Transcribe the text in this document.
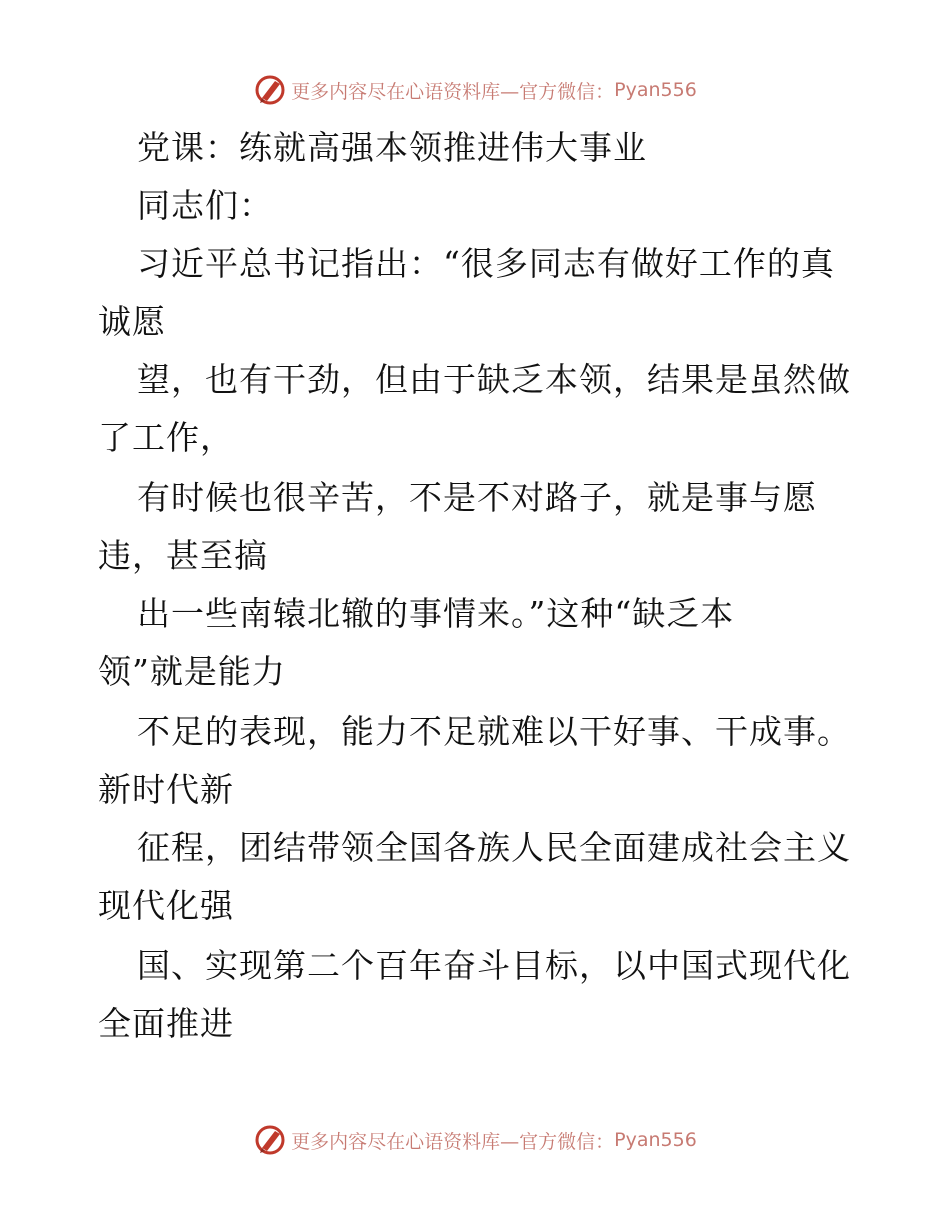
更多内容尽在心语资料库—官方微信： Pyan556
党课：练就高强本领推进伟大事业
同志们：
习近平总书记指出：“很多同志有做好工作的真
诚愿
望，也有干劲，但由于缺乏本领，结果是虽然做
了工作，
有时候也很辛苦，不是不对路子，就是事与愿
违，甚至搞
出一些南辕北辙的事情来。”这种“缺乏本
领”就是能力
不足的表现，能力不足就难以干好事、干成事。
新时代新
征程，团结带领全国各族人民全面建成社会主义
现代化强
国、实现第二个百年奋斗目标，以中国式现代化
全面推进
更多内容尽在心语资料库—官方微信： Pyan556
